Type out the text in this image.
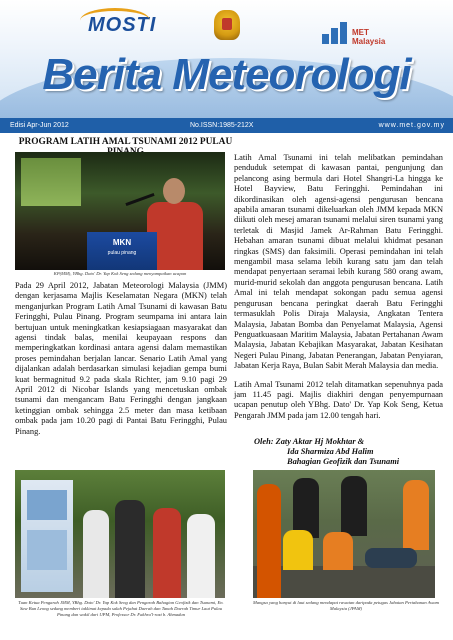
MOSTI	MET Malaysia
Berita Meteorologi
Edisi Apr-Jun 2012	No.ISSN:1985-212X	www.met.gov.my
PROGRAM LATIH AMAL TSUNAMI 2012 PULAU
MKN
pulau pinang
KP(MM), YBhg. Dato' Dr. Yap Kok Seng sedang menyampaikan ucapan

Pada 29 April 2012, Jabatan Meteorologi Malaysia (JMM) dengan kerjasama Majlis Keselamatan Negara (MKN) telah menganjurkan Program Latih Amal Tsunami di kawasan Batu Feringghi, Pulau Pinang. Program seumpama ini antara lain bertujuan untuk meningkatkan kesiapsiagaan masyarakat dan agensi tindak balas, menilai keupayaan respons dan memperingkatkan kordinasi antara agensi dalam memastikan proses pemindahan berjalan lancar. Senario Latih Amal yang dijalankan adalah berdasarkan simulasi kejadian gempa bumi kuat bermagnitud 9.2 pada skala Richter, jam 9.10 pagi 29 April 2012 di Nicobar Islands yang mencetuskan ombak tsunami dan mengancam Batu Feringghi dengan jangkaan ketinggian ombak sehingga 2.5 meter dan masa ketibaan ombak pada jam 10.20 pagi di Pantai Batu Feringghi, Pulau Pinang.

Latih Amal Tsunami ini telah melibatkan pemindahan penduduk setempat di kawasan pantai, pengunjung dan pelancong asing bermula dari Hotel Shangri-La hingga ke Hotel Bayview, Batu Feringghi. Pemindahan ini dikordinasikan oleh agensi-agensi pengurusan bencana apabila amaran tsunami dikeluarkan oleh JMM kepada MKN diikuti oleh mesej amaran tsunami melalui siren tsunami yang terletak di Masjid Jamek Ar-Rahman Batu Feringghi. Hebahan amaran tsunami dibuat melalui khidmat pesanan ringkas (SMS) dan faksimili. Operasi pemindahan ini telah mengambil masa selama lebih kurang satu jam dan telah mendapat penyertaan seramai lebih kurang 580 orang awam, murid-murid sekolah dan anggota pengurusan bencana. Latih Amal ini telah mendapat sokongan padu semua agensi pengurusan bencana peringkat daerah Batu Feringghi termasuklah Polis Diraja Malaysia, Angkatan Tentera Malaysia, Jabatan Bomba dan Penyelamat Malaysia, Agensi Penguatkuasaan Maritim Malaysia, Jabatan Pertahanan Awam Malaysia, Jabatan Kebajikan Masyarakat, Jabatan Kesihatan Negeri Pulau Pinang, Jabatan Penerangan, Jabatan Penyiaran, Jabatan Kerja Raya, Bulan Sabit Merah Malaysia dan media.

Latih Amal Tsunami 2012 telah ditamatkan sepenuhnya pada jam 11.45 pagi. Majlis diakhiri dengan penyempurnaan ucapan penutup oleh YBhg. Dato' Dr. Yap Kok Seng, Ketua Pengarah JMM pada jam 12.00 tengah hari.

Oleh: Zaty Aktar Hj Mokhtar &
Ida Sharmiza Abd Halim
Bahagian Geofizik dan Tsunami
Tuan Ketua Pengarah JMM, YBhg. Dato' Dr. Yap Kok Seng dan Pengarah Bahagian Geofizik dan Tsunami, En. Saw Bun Leong sedang memberi taklimat kepada salah Pejabat Daerah dan Tanah Daerah Timur Laut Pulau Pinang dan wakil dari UPM, Professor Dr. Fakhru'l-razi b. Ahmadun
Mangsa yang hanyut di laut sedang mendapat rawatan daripada petugas Jabatan Pertahanan Awam Malaysia (JPAM)
